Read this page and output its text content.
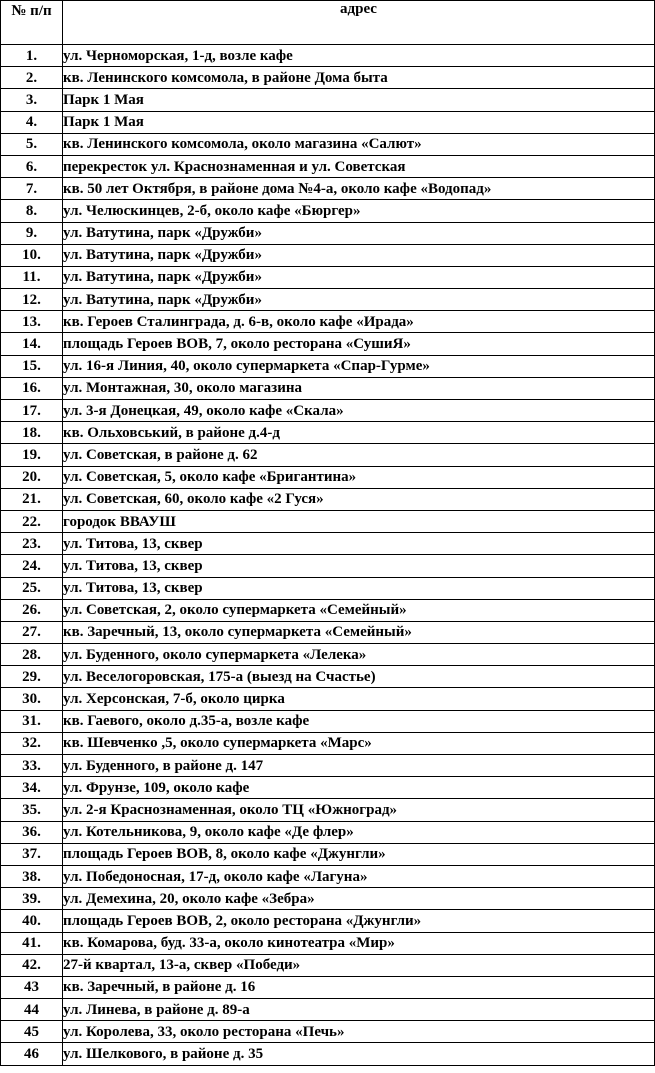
№ п/п	адрес
1.	ул. Черноморская, 1-д, возле кафе
2.	кв. Ленинского комсомола, в районе Дома быта
3.	Парк 1 Мая
4.	Парк 1 Мая
5.	кв. Ленинского комсомола, около магазина «Салют»
6.	перекресток ул. Краснознаменная и ул. Советская
7.	кв. 50 лет Октября, в районе дома №4-а, около кафе «Водопад»
8.	ул. Челюскинцев, 2-б, около кафе «Бюргер»
9.	ул. Ватутина, парк «Дружби»
10.	ул. Ватутина, парк «Дружби»
11.	ул. Ватутина, парк «Дружби»
12.	ул. Ватутина, парк «Дружби»
13.	кв. Героев Сталинграда, д. 6-в, около кафе «Ирада»
14.	площадь Героев ВОВ, 7, около ресторана «СушиЯ»
15.	ул. 16-я Линия, 40, около супермаркета «Спар-Гурме»
16.	ул. Монтажная, 30, около магазина
17.	ул. 3-я Донецкая, 49, около кафе «Скала»
18.	кв. Ольховський, в районе д.4-д
19.	ул. Советская, в районе д. 62
20.	ул. Советская, 5, около кафе «Бригантина»
21.	ул. Советская, 60, около кафе «2 Гуся»
22.	городок ВВАУШ
23.	ул. Титова, 13, сквер
24.	ул. Титова, 13, сквер
25.	ул. Титова, 13, сквер
26.	ул. Советская, 2, около супермаркета «Семейный»
27.	кв. Заречный, 13, около супермаркета «Семейный»
28.	ул. Буденного, около супермаркета «Лелека»
29.	ул. Веселогоровская, 175-а (выезд на Счастье)
30.	ул. Херсонская, 7-б, около цирка
31.	кв. Гаевого, около д.35-а, возле кафе
32.	кв. Шевченко ,5, около супермаркета «Марс»
33.	ул. Буденного, в районе д. 147
34.	ул. Фрунзе, 109, около кафе
35.	ул. 2-я Краснознаменная, около ТЦ «Южноград»
36.	ул. Котельникова, 9, около кафе «Де флер»
37.	площадь Героев ВОВ, 8, около кафе «Джунгли»
38.	ул. Победоносная, 17-д, около кафе «Лагуна»
39.	ул. Демехина, 20, около кафе «Зебра»
40.	площадь Героев ВОВ, 2, около ресторана «Джунгли»
41.	кв. Комарова, буд. 33-а, около кинотеатра «Мир»
42.	27-й квартал, 13-а, сквер «Победи»
43	кв. Заречный, в районе д. 16
44	ул. Линева, в районе д. 89-а
45	ул. Королева, 33, около ресторана «Печь»
46	ул. Шелкового, в районе д. 35
